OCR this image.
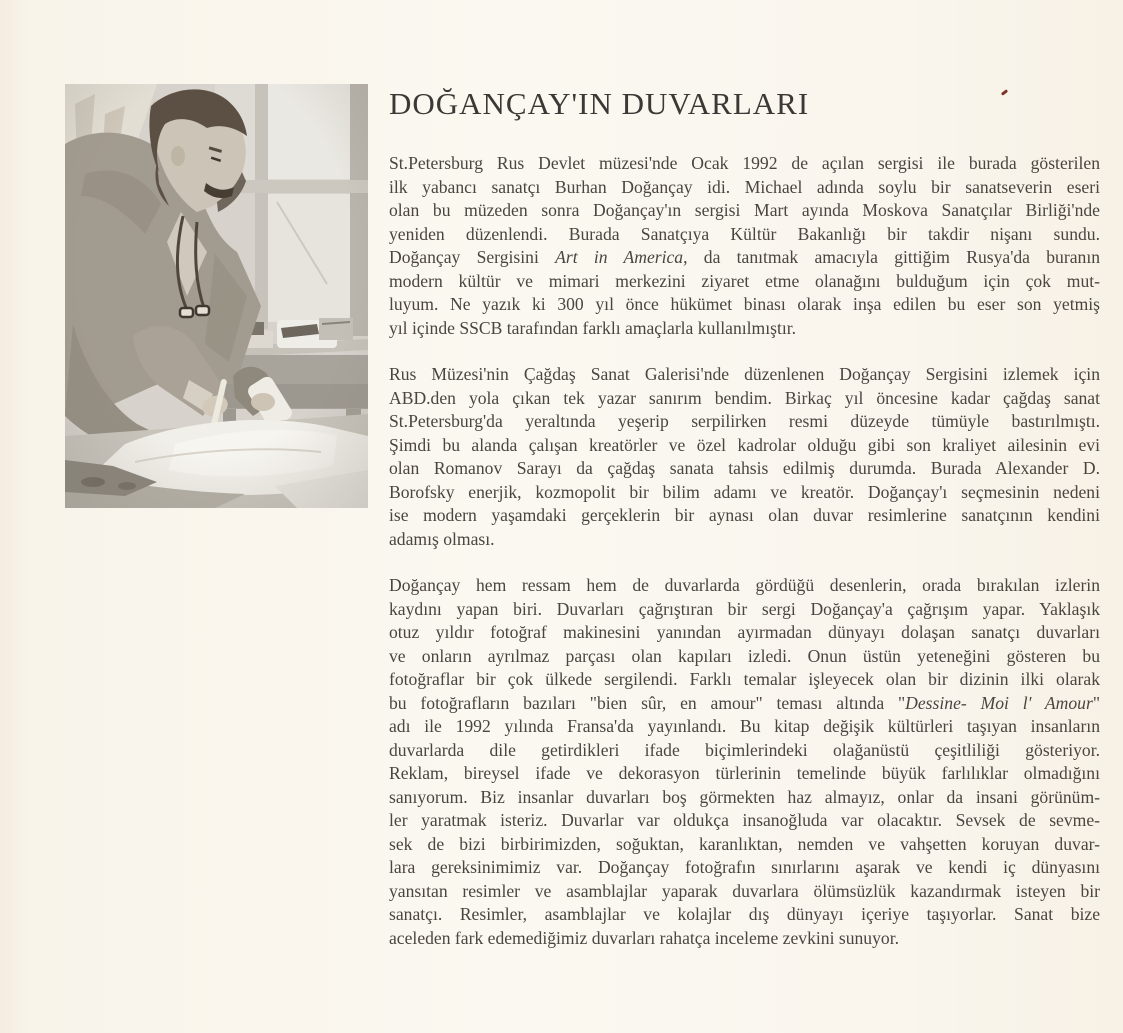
DOĞANÇAY'IN DUVARLARI
St.Petersburg Rus Devlet müzesi'nde Ocak 1992 de açılan sergisi ile burada gösterilen
ilk yabancı sanatçı Burhan Doğançay idi. Michael adında soylu bir sanatseverin eseri
olan bu müzeden sonra Doğançay'ın sergisi Mart ayında Moskova Sanatçılar Birliği'nde
yeniden düzenlendi. Burada Sanatçıya Kültür Bakanlığı bir takdir nişanı sundu.
Doğançay Sergisini Art in America, da tanıtmak amacıyla gittiğim Rusya'da buranın
modern kültür ve mimari merkezini ziyaret etme olanağını bulduğum için çok mut-
luyum. Ne yazık ki 300 yıl önce hükümet binası olarak inşa edilen bu eser son yetmiş
yıl içinde SSCB tarafından farklı amaçlarla kullanılmıştır.
Rus Müzesi'nin Çağdaş Sanat Galerisi'nde düzenlenen Doğançay Sergisini izlemek için
ABD.den yola çıkan tek yazar sanırım bendim. Birkaç yıl öncesine kadar çağdaş sanat
St.Petersburg'da yeraltında yeşerip serpilirken resmi düzeyde tümüyle bastırılmıştı.
Şimdi bu alanda çalışan kreatörler ve özel kadrolar olduğu gibi son kraliyet ailesinin evi
olan Romanov Sarayı da çağdaş sanata tahsis edilmiş durumda. Burada Alexander D.
Borofsky enerjik, kozmopolit bir bilim adamı ve kreatör. Doğançay'ı seçmesinin nedeni
ise modern yaşamdaki gerçeklerin bir aynası olan duvar resimlerine sanatçının kendini
adamış olması.
Doğançay hem ressam hem de duvarlarda gördüğü desenlerin, orada bırakılan izlerin
kaydını yapan biri. Duvarları çağrıştıran bir sergi Doğançay'a çağrışım yapar. Yaklaşık
otuz yıldır fotoğraf makinesini yanından ayırmadan dünyayı dolaşan sanatçı duvarları
ve onların ayrılmaz parçası olan kapıları izledi. Onun üstün yeteneğini gösteren bu
fotoğraflar bir çok ülkede sergilendi. Farklı temalar işleyecek olan bir dizinin ilki olarak
bu fotoğrafların bazıları "bien sûr, en amour" teması altında "Dessine- Moi l' Amour"
adı ile 1992 yılında Fransa'da yayınlandı. Bu kitap değişik kültürleri taşıyan insanların
duvarlarda dile getirdikleri ifade biçimlerindeki olağanüstü çeşitliliği gösteriyor.
Reklam, bireysel ifade ve dekorasyon türlerinin temelinde büyük farlılıklar olmadığını
sanıyorum. Biz insanlar duvarları boş görmekten haz almayız, onlar da insani görünüm-
ler yaratmak isteriz. Duvarlar var oldukça insanoğluda var olacaktır. Sevsek de sevme-
sek de bizi birbirimizden, soğuktan, karanlıktan, nemden ve vahşetten koruyan duvar-
lara gereksinimimiz var. Doğançay fotoğrafın sınırlarını aşarak ve kendi iç dünyasını
yansıtan resimler ve asamblajlar yaparak duvarlara ölümsüzlük kazandırmak isteyen bir
sanatçı. Resimler, asamblajlar ve kolajlar dış dünyayı içeriye taşıyorlar. Sanat bize
aceleden fark edemediğimiz duvarları rahatça inceleme zevkini sunuyor.
